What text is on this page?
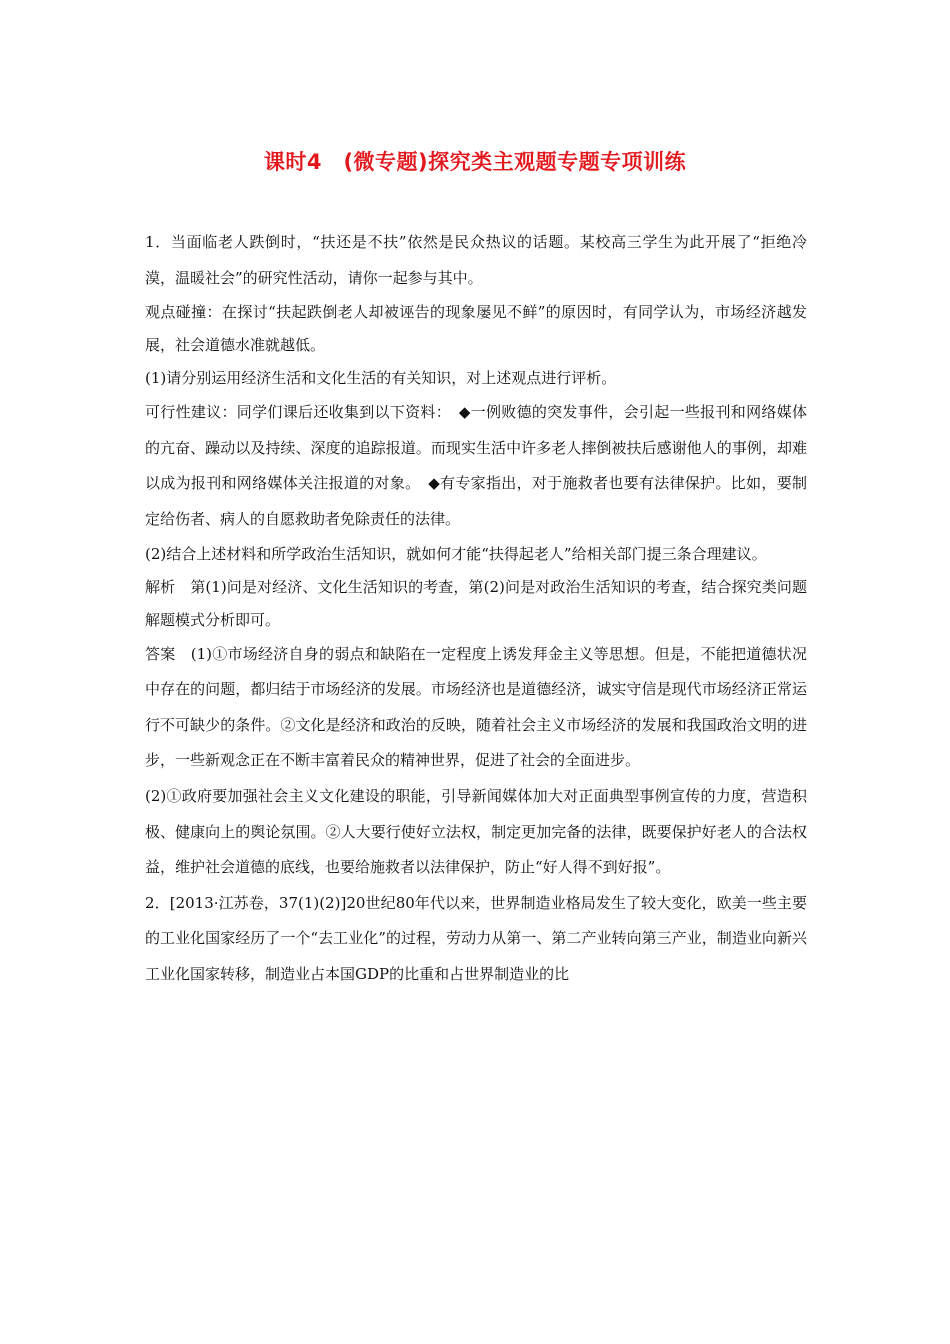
课时4　(微专题)探究类主观题专题专项训练

1．当面临老人跌倒时，“扶还是不扶”依然是民众热议的话题。某校高三学生为此开展了“拒绝冷漠，温暖社会”的研究性活动，请你一起参与其中。

观点碰撞：在探讨“扶起跌倒老人却被诬告的现象屡见不鲜”的原因时，有同学认为，市场经济越发展，社会道德水准就越低。

(1)请分别运用经济生活和文化生活的有关知识，对上述观点进行评析。

可行性建议：同学们课后还收集到以下资料：　◆一例败德的突发事件，会引起一些报刊和网络媒体的亢奋、躁动以及持续、深度的追踪报道。而现实生活中许多老人摔倒被扶后感谢他人的事例，却难以成为报刊和网络媒体关注报道的对象。　◆有专家指出，对于施救者也要有法律保护。比如，要制定给伤者、病人的自愿救助者免除责任的法律。

(2)结合上述材料和所学政治生活知识，就如何才能“扶得起老人”给相关部门提三条合理建议。

解析　第(1)问是对经济、文化生活知识的考查，第(2)问是对政治生活知识的考查，结合探究类问题解题模式分析即可。

答案　(1)①市场经济自身的弱点和缺陷在一定程度上诱发拜金主义等思想。但是，不能把道德状况中存在的问题，都归结于市场经济的发展。市场经济也是道德经济，诚实守信是现代市场经济正常运行不可缺少的条件。②文化是经济和政治的反映，随着社会主义市场经济的发展和我国政治文明的进步，一些新观念正在不断丰富着民众的精神世界，促进了社会的全面进步。

(2)①政府要加强社会主义文化建设的职能，引导新闻媒体加大对正面典型事例宣传的力度，营造积极、健康向上的舆论氛围。②人大要行使好立法权，制定更加完备的法律，既要保护好老人的合法权益，维护社会道德的底线，也要给施救者以法律保护，防止“好人得不到好报”。

2．[2013·江苏卷，37(1)(2)]20世纪80年代以来，世界制造业格局发生了较大变化，欧美一些主要的工业化国家经历了一个“去工业化”的过程，劳动力从第一、第二产业转向第三产业，制造业向新兴工业化国家转移，制造业占本国GDP的比重和占世界制造业的比
